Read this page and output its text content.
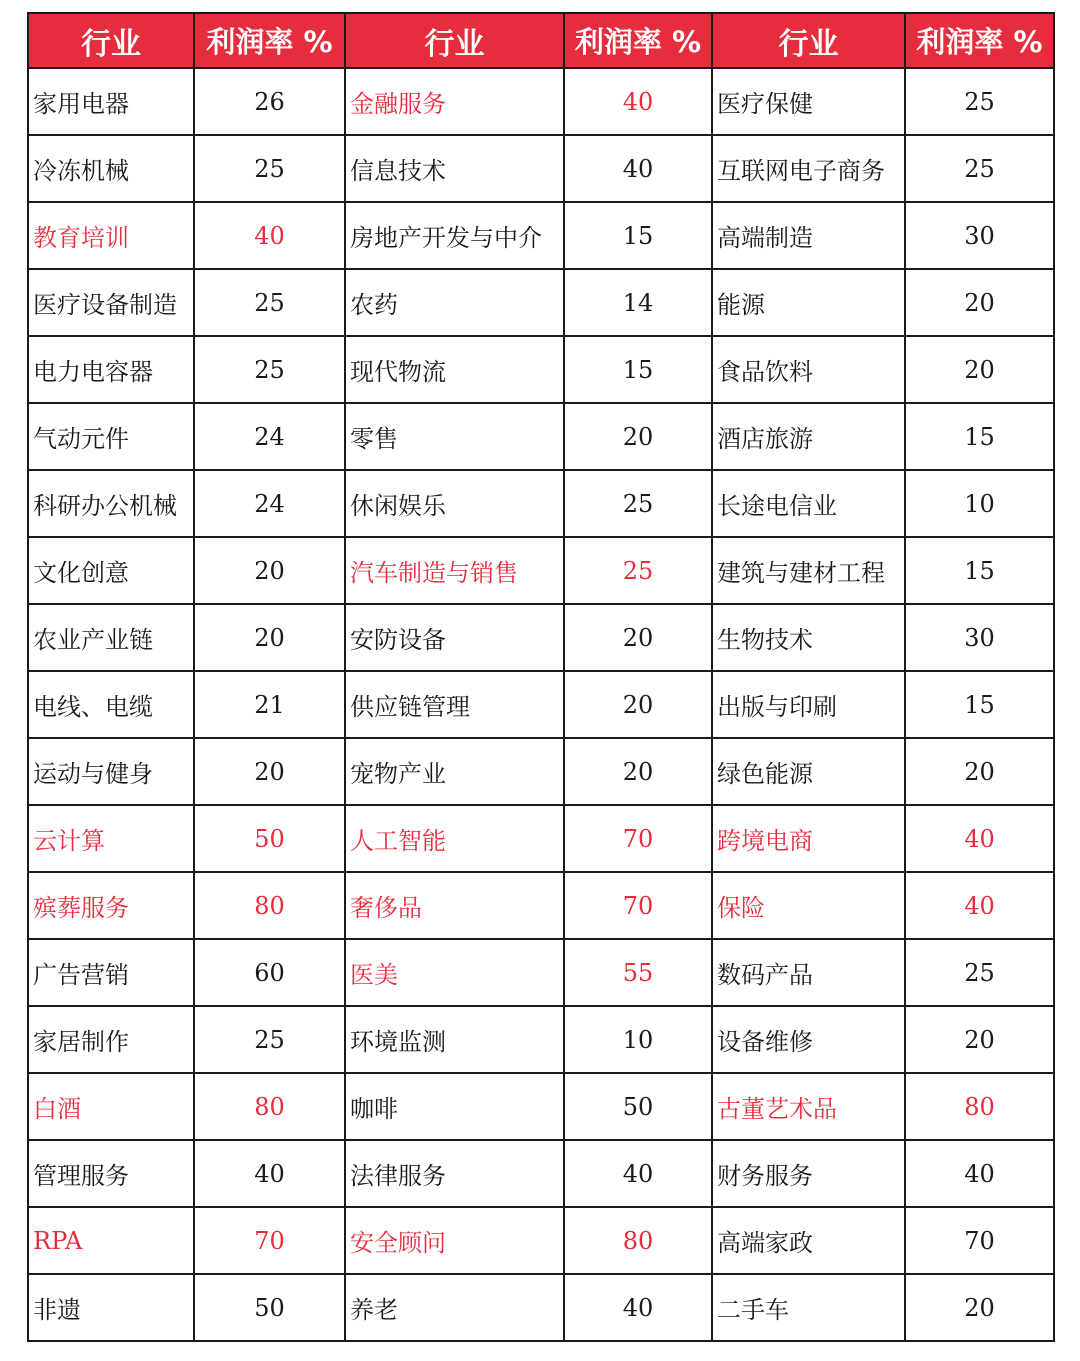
行业	利润率 %	行业	利润率 %	行业	利润率 %
家用电器	26	金融服务	40	医疗保健	25
冷冻机械	25	信息技术	40	互联网电子商务	25
教育培训	40	房地产开发与中介	15	高端制造	30
医疗设备制造	25	农药	14	能源	20
电力电容器	25	现代物流	15	食品饮料	20
气动元件	24	零售	20	酒店旅游	15
科研办公机械	24	休闲娱乐	25	长途电信业	10
文化创意	20	汽车制造与销售	25	建筑与建材工程	15
农业产业链	20	安防设备	20	生物技术	30
电线、电缆	21	供应链管理	20	出版与印刷	15
运动与健身	20	宠物产业	20	绿色能源	20
云计算	50	人工智能	70	跨境电商	40
殡葬服务	80	奢侈品	70	保险	40
广告营销	60	医美	55	数码产品	25
家居制作	25	环境监测	10	设备维修	20
白酒	80	咖啡	50	古董艺术品	80
管理服务	40	法律服务	40	财务服务	40
RPA	70	安全顾问	80	高端家政	70
非遗	50	养老	40	二手车	20
